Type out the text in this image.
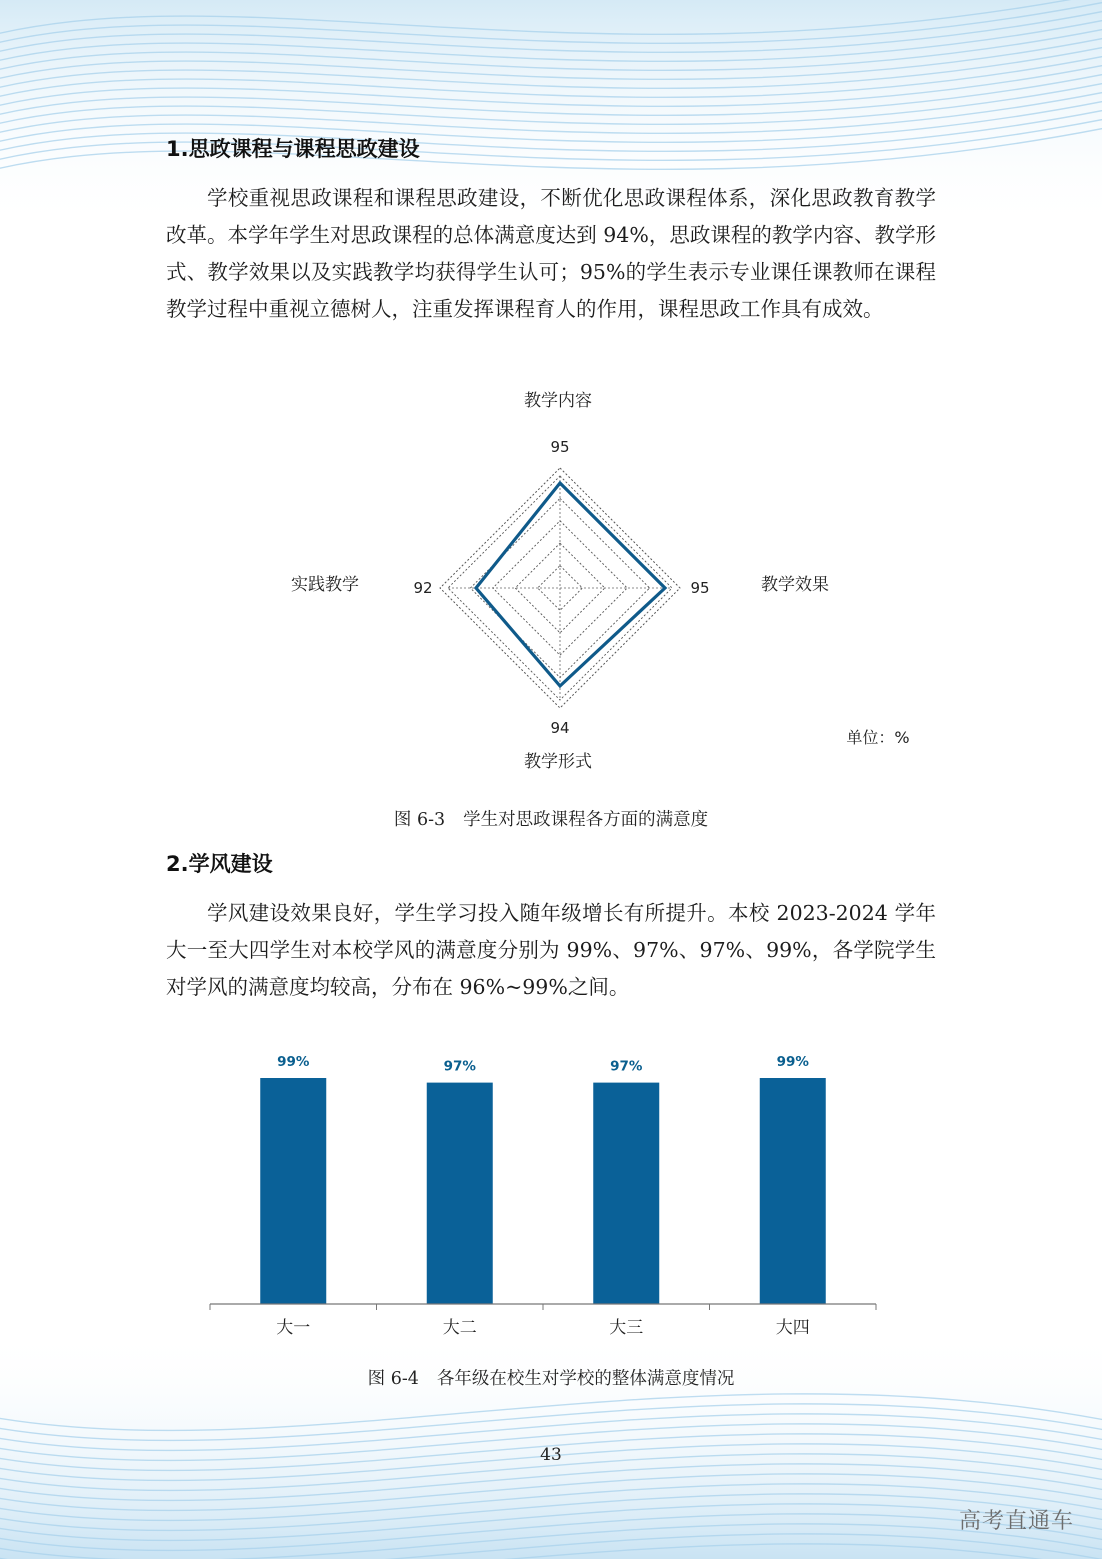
1.思政课程与课程思政建设

学校重视思政课程和课程思政建设，不断优化思政课程体系，深化思政教育教学改革。本学年学生对思政课程的总体满意度达到 94%，思政课程的教学内容、教学形式、教学效果以及实践教学均获得学生认可；95%的学生表示专业课任课教师在课程教学过程中重视立德树人，注重发挥课程育人的作用，课程思政工作具有成效。

教学内容
教学效果
教学形式
实践教学
95
95
94
92
单位：%
图 6-3 学生对思政课程各方面的满意度
2.学风建设

学风建设效果良好，学生学习投入随年级增长有所提升。本校 2023-2024 学年大一至大四学生对本校学风的满意度分别为 99%、97%、97%、99%，各学院学生对学风的满意度均较高，分布在 96%~99%之间。

99%
大一
97%
大二
97%
大三
99%
大四
图 6-4 各年级在校生对学校的整体满意度情况
43
高考直通车
